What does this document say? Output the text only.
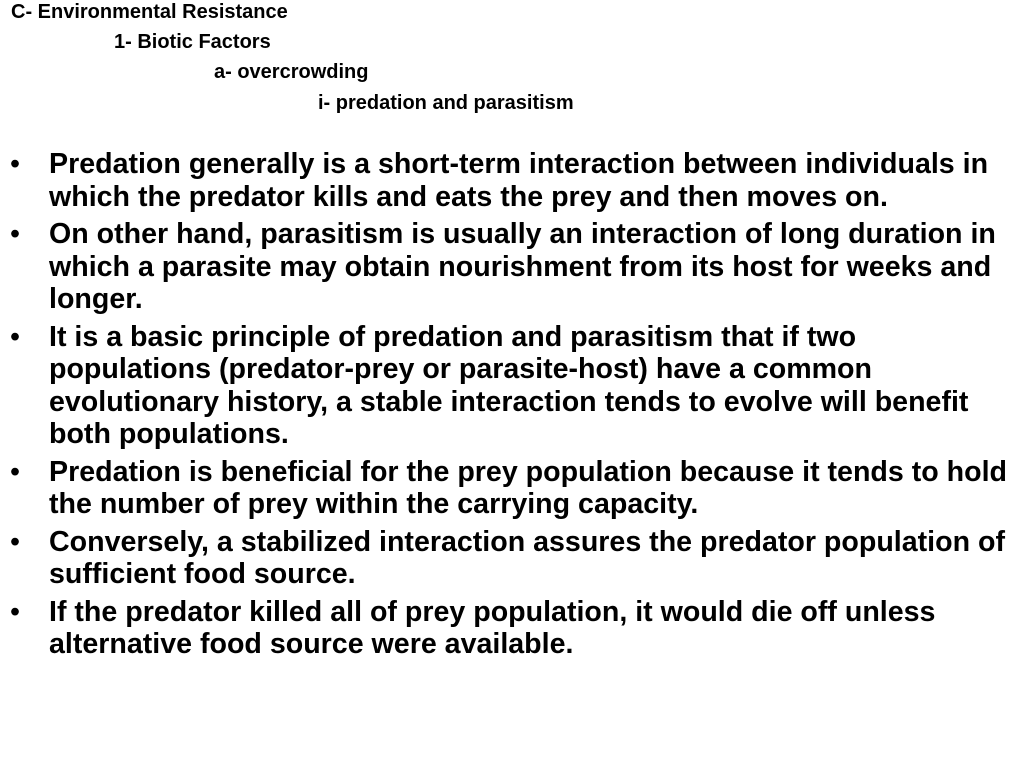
C- Environmental Resistance
1- Biotic Factors
a- overcrowding
i- predation and parasitism
• Predation generally is a short-term interaction between individuals in which the predator kills and eats the prey and then moves on.
• On other hand, parasitism is usually an interaction of long duration in which a parasite may obtain nourishment from its host for weeks and longer.
• It is a basic principle of predation and parasitism that if two populations (predator-prey or parasite-host) have a common evolutionary history, a stable interaction tends to evolve will benefit both populations.
• Predation is beneficial for the prey population because it tends to hold the number of prey within the carrying capacity.
• Conversely, a stabilized interaction assures the predator population of sufficient food source.
• If the predator killed all of prey population, it would die off unless alternative food source were available.
